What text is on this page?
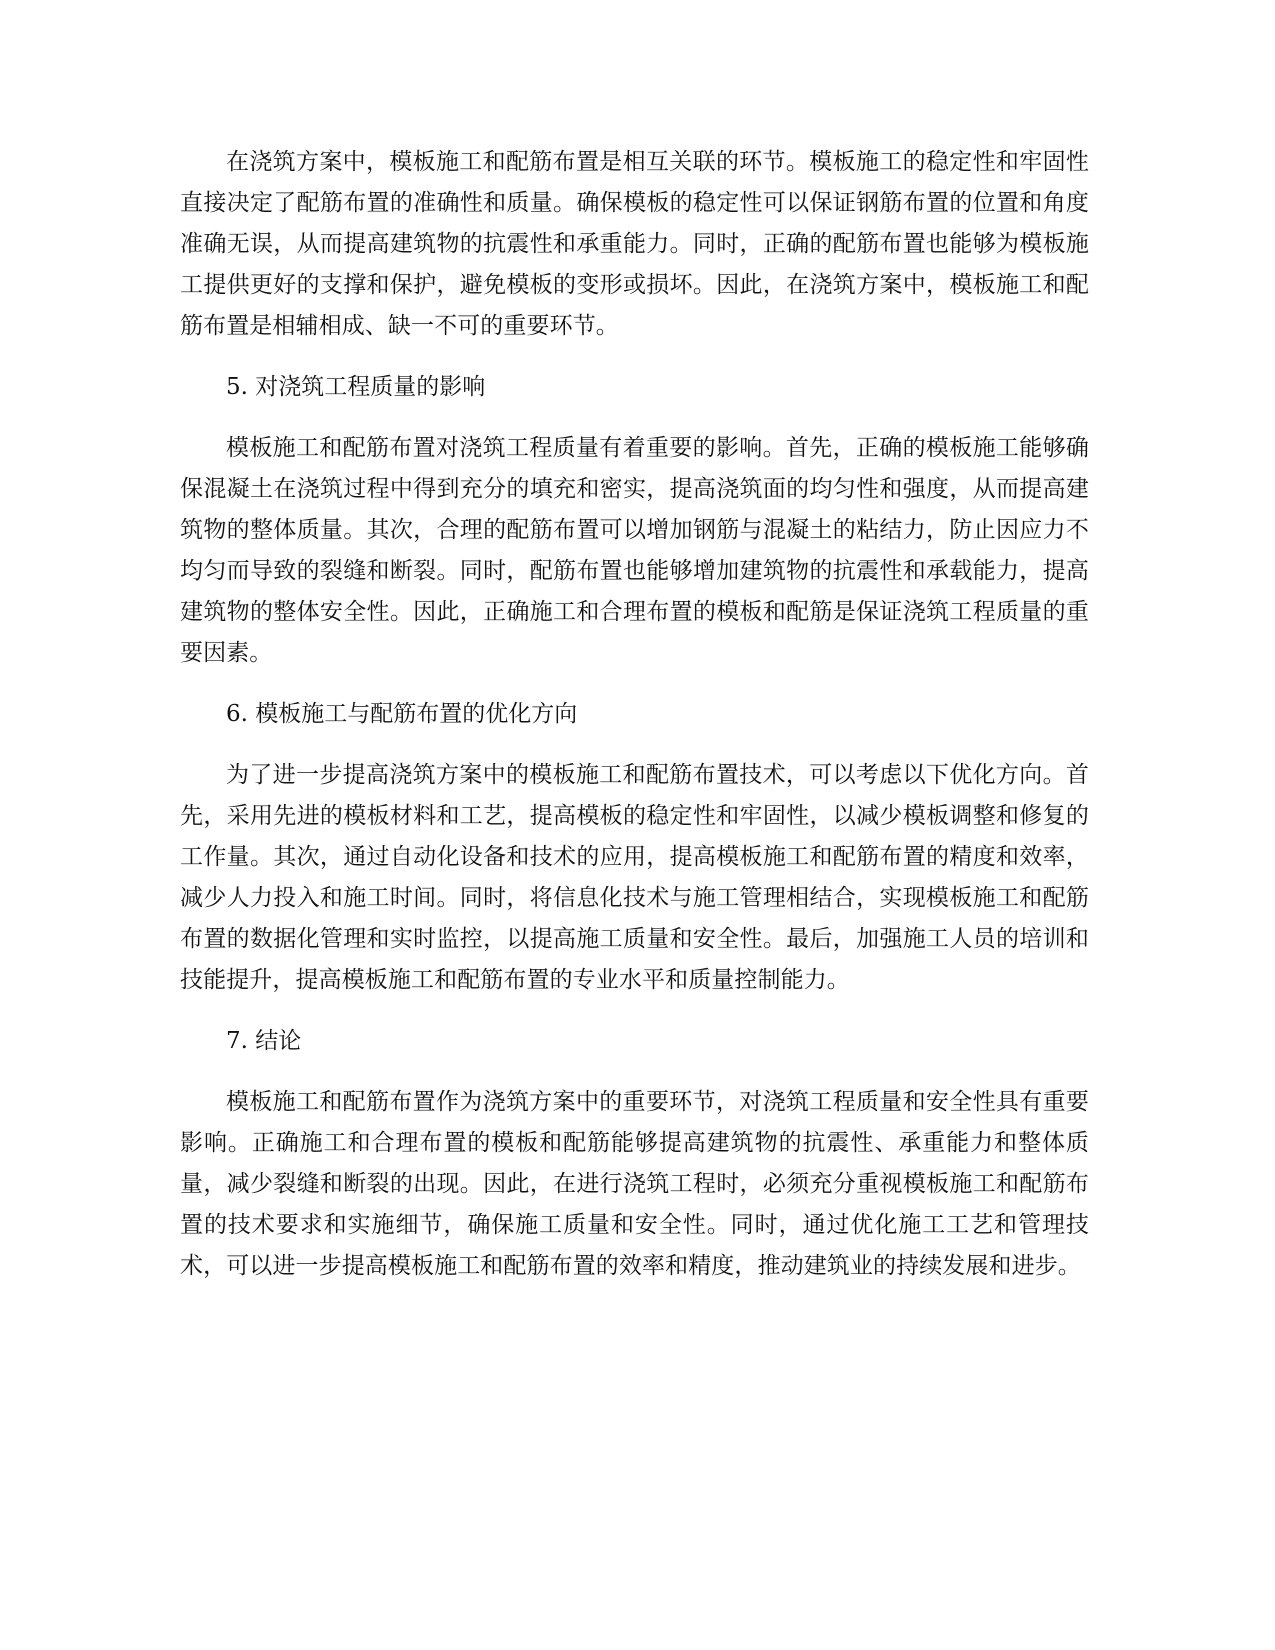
在浇筑方案中，模板施工和配筋布置是相互关联的环节。模板施工的稳定性和牢固性直接决定了配筋布置的准确性和质量。确保模板的稳定性可以保证钢筋布置的位置和角度准确无误，从而提高建筑物的抗震性和承重能力。同时，正确的配筋布置也能够为模板施工提供更好的支撑和保护，避免模板的变形或损坏。因此，在浇筑方案中，模板施工和配筋布置是相辅相成、缺一不可的重要环节。

5. 对浇筑工程质量的影响

模板施工和配筋布置对浇筑工程质量有着重要的影响。首先，正确的模板施工能够确保混凝土在浇筑过程中得到充分的填充和密实，提高浇筑面的均匀性和强度，从而提高建筑物的整体质量。其次，合理的配筋布置可以增加钢筋与混凝土的粘结力，防止因应力不均匀而导致的裂缝和断裂。同时，配筋布置也能够增加建筑物的抗震性和承载能力，提高建筑物的整体安全性。因此，正确施工和合理布置的模板和配筋是保证浇筑工程质量的重要因素。

6. 模板施工与配筋布置的优化方向

为了进一步提高浇筑方案中的模板施工和配筋布置技术，可以考虑以下优化方向。首先，采用先进的模板材料和工艺，提高模板的稳定性和牢固性，以减少模板调整和修复的工作量。其次，通过自动化设备和技术的应用，提高模板施工和配筋布置的精度和效率，减少人力投入和施工时间。同时，将信息化技术与施工管理相结合，实现模板施工和配筋布置的数据化管理和实时监控，以提高施工质量和安全性。最后，加强施工人员的培训和技能提升，提高模板施工和配筋布置的专业水平和质量控制能力。

7. 结论

模板施工和配筋布置作为浇筑方案中的重要环节，对浇筑工程质量和安全性具有重要影响。正确施工和合理布置的模板和配筋能够提高建筑物的抗震性、承重能力和整体质量，减少裂缝和断裂的出现。因此，在进行浇筑工程时，必须充分重视模板施工和配筋布置的技术要求和实施细节，确保施工质量和安全性。同时，通过优化施工工艺和管理技术，可以进一步提高模板施工和配筋布置的效率和精度，推动建筑业的持续发展和进步。
